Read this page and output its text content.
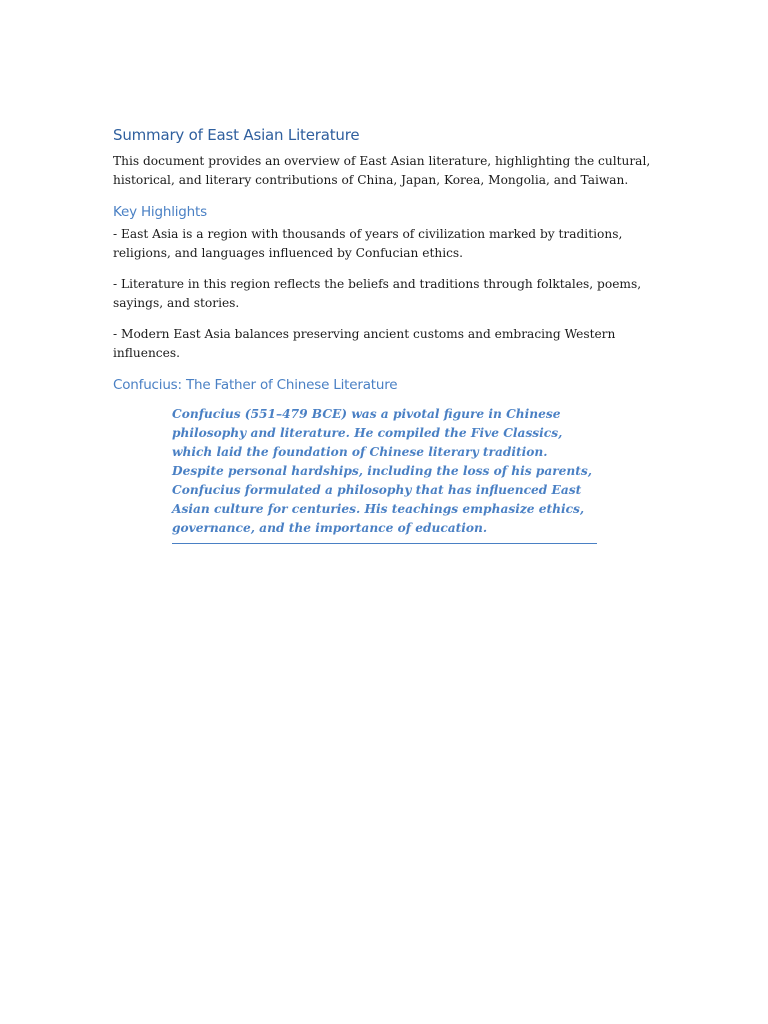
Summary of East Asian Literature

This document provides an overview of East Asian literature, highlighting the cultural, historical, and literary contributions of China, Japan, Korea, Mongolia, and Taiwan.

Key Highlights

- East Asia is a region with thousands of years of civilization marked by traditions, religions, and languages influenced by Confucian ethics.

- Literature in this region reflects the beliefs and traditions through folktales, poems, sayings, and stories.

- Modern East Asia balances preserving ancient customs and embracing Western influences.

Confucius: The Father of Chinese Literature
Confucius (551–479 BCE) was a pivotal figure in Chinese philosophy and literature. He compiled the Five Classics, which laid the foundation of Chinese literary tradition. Despite personal hardships, including the loss of his parents, Confucius formulated a philosophy that has influenced East Asian culture for centuries. His teachings emphasize ethics, governance, and the importance of education.
